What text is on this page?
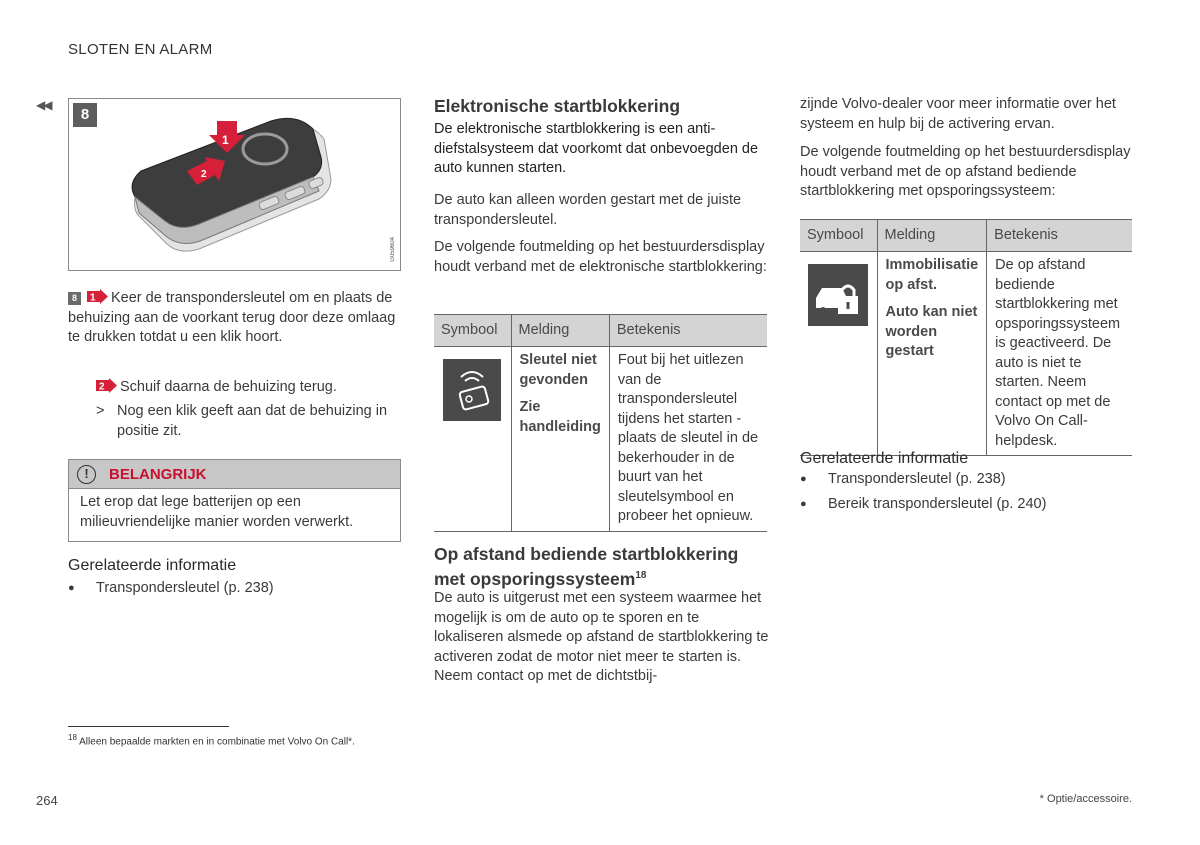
SLOTEN EN ALARM
◀◀
1
2
8
G059604
8 1 Keer de transpondersleutel om en plaats de behuizing aan de voorkant terug door deze omlaag te drukken totdat u een klik hoort.
2 Schuif daarna de behuizing terug.
> Nog een klik geeft aan dat de behuizing in positie zit.
!	BELANGRIJK
Let erop dat lege batterijen op een milieuvriendelijke manier worden verwerkt.
Gerelateerde informatie
● Transpondersleutel (p. 238)
Elektronische startblokkering
De elektronische startblokkering is een anti-diefstalsysteem dat voorkomt dat onbevoegden de auto kunnen starten.
De auto kan alleen worden gestart met de juiste transpondersleutel.
De volgende foutmelding op het bestuurdersdisplay houdt verband met de elektronische startblokkering:
Symbool	Melding	Betekenis

Sleutel niet gevonden
Zie handleiding	Fout bij het uitlezen van de transpondersleutel tijdens het starten - plaats de sleutel in de bekerhouder in de buurt van het sleutelsymbool en probeer het opnieuw.
Op afstand bediende startblokkering met opsporingssysteem$^{18}$
De auto is uitgerust met een systeem waarmee het mogelijk is om de auto op te sporen en te lokaliseren alsmede op afstand de startblokkering te activeren zodat de motor niet meer te starten is. Neem contact op met de dichtstbij-
zijnde Volvo-dealer voor meer informatie over het systeem en hulp bij de activering ervan.
De volgende foutmelding op het bestuurdersdisplay houdt verband met de op afstand bediende startblokkering met opsporingssysteem:
Symbool	Melding	Betekenis

Immobilisatie op afst.
Auto kan niet worden gestart	De op afstand bediende startblokkering met opsporingssysteem is geactiveerd. De auto is niet te starten. Neem contact op met de Volvo On Call-helpdesk.
Gerelateerde informatie
● Transpondersleutel (p. 238)
● Bereik transpondersleutel (p. 240)
$^{18}$ Alleen bepaalde markten en in combinatie met Volvo On Call*.
264	* Optie/accessoire.
